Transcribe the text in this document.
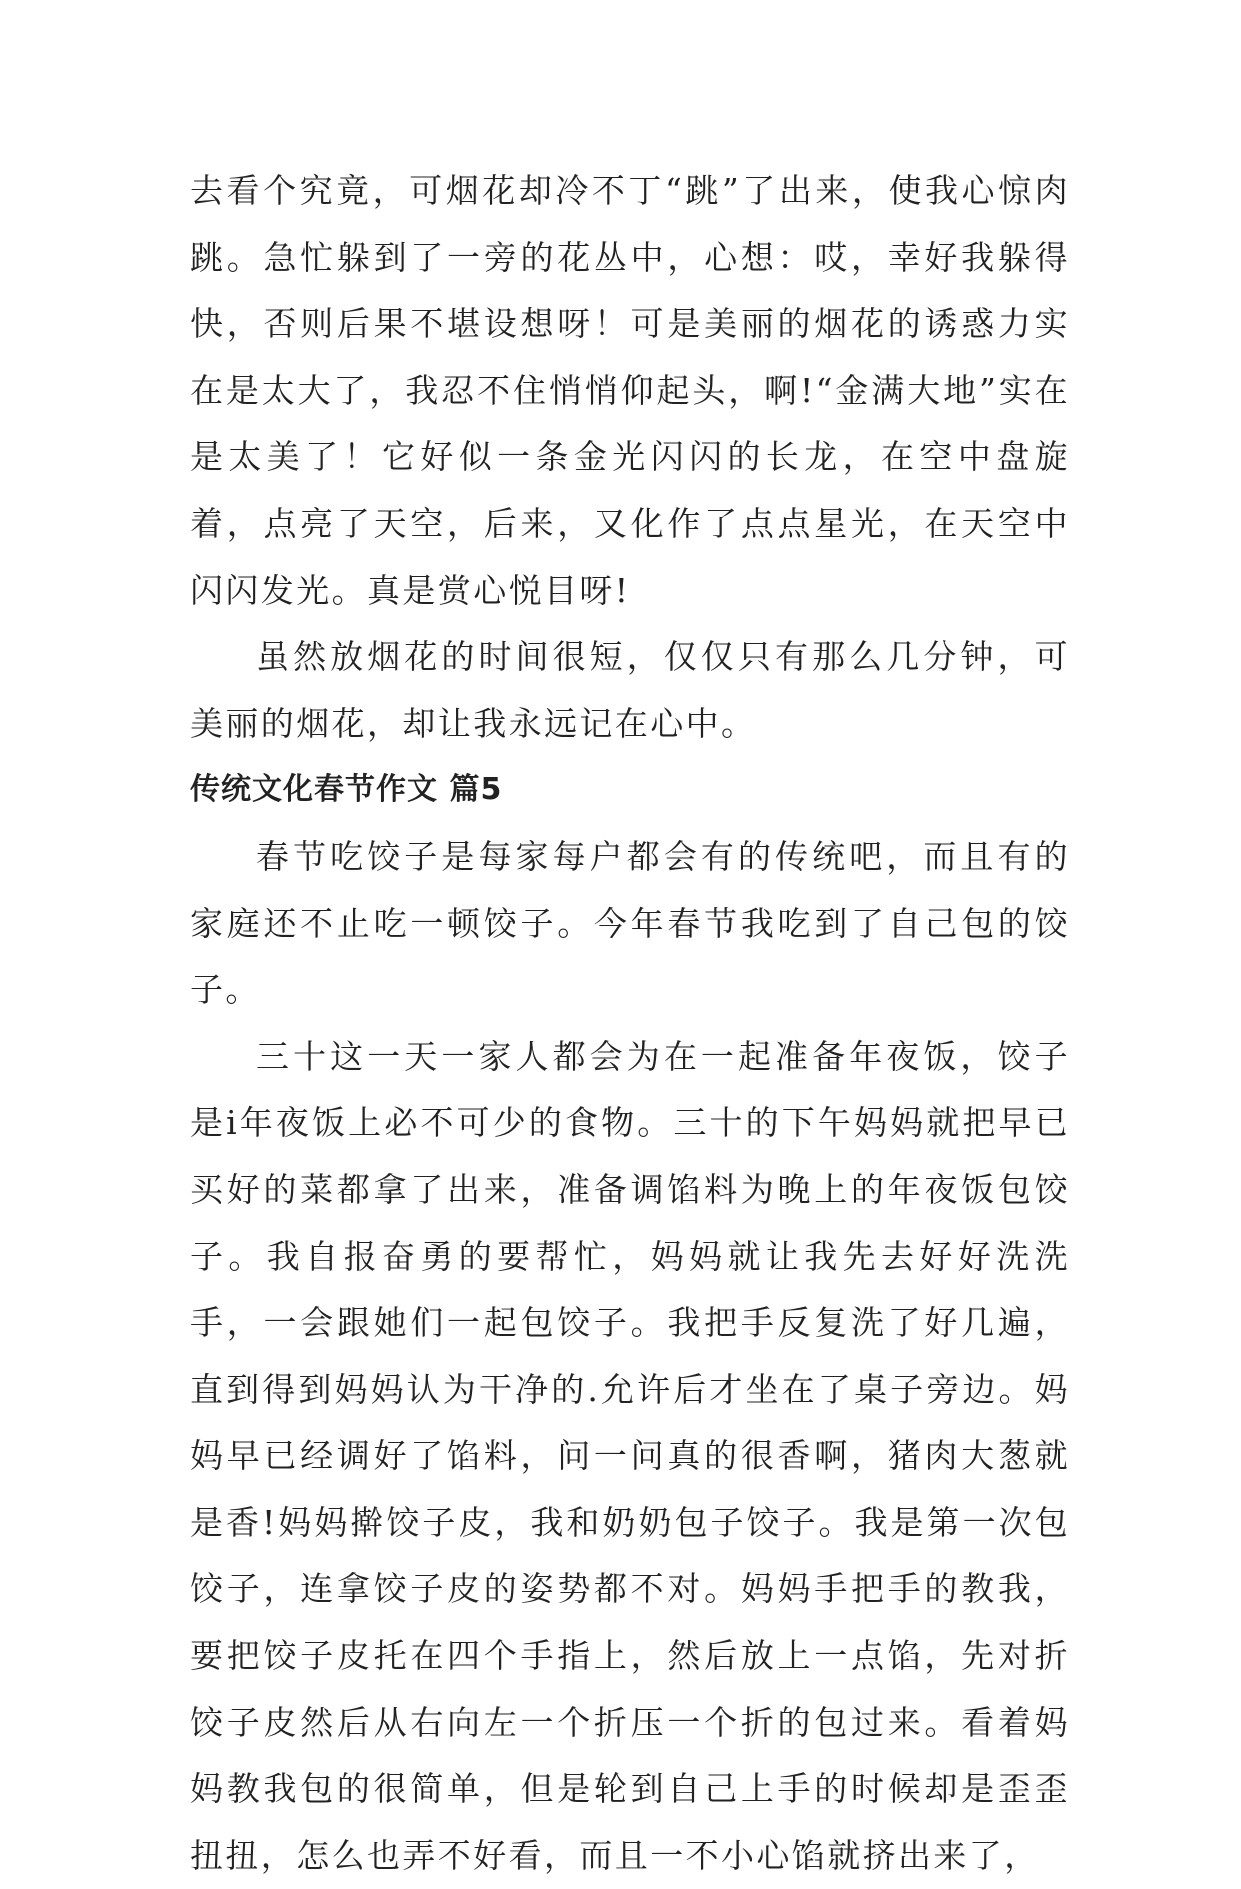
去看个究竟，可烟花却冷不丁“跳”了出来，使我心惊肉跳。急忙躲到了一旁的花丛中，心想：哎，幸好我躲得快，否则后果不堪设想呀！可是美丽的烟花的诱惑力实在是太大了，我忍不住悄悄仰起头，啊!“金满大地”实在是太美了！它好似一条金光闪闪的长龙，在空中盘旋着，点亮了天空，后来，又化作了点点星光，在天空中闪闪发光。真是赏心悦目呀!

虽然放烟花的时间很短，仅仅只有那么几分钟，可美丽的烟花，却让我永远记在心中。

传统文化春节作文 篇5

春节吃饺子是每家每户都会有的传统吧，而且有的家庭还不止吃一顿饺子。今年春节我吃到了自己包的饺子。

三十这一天一家人都会为在一起准备年夜饭，饺子是i年夜饭上必不可少的食物。三十的下午妈妈就把早已买好的菜都拿了出来，准备调馅料为晚上的年夜饭包饺子。我自报奋勇的要帮忙，妈妈就让我先去好好洗洗手，一会跟她们一起包饺子。我把手反复洗了好几遍，直到得到妈妈认为干净的.允许后才坐在了桌子旁边。妈妈早已经调好了馅料，问一问真的很香啊，猪肉大葱就是香!妈妈擀饺子皮，我和奶奶包子饺子。我是第一次包饺子，连拿饺子皮的姿势都不对。妈妈手把手的教我，要把饺子皮托在四个手指上，然后放上一点馅，先对折饺子皮然后从右向左一个折压一个折的包过来。看着妈妈教我包的很简单，但是轮到自己上手的时候却是歪歪扭扭，怎么也弄不好看，而且一不小心馅就挤出来了，
